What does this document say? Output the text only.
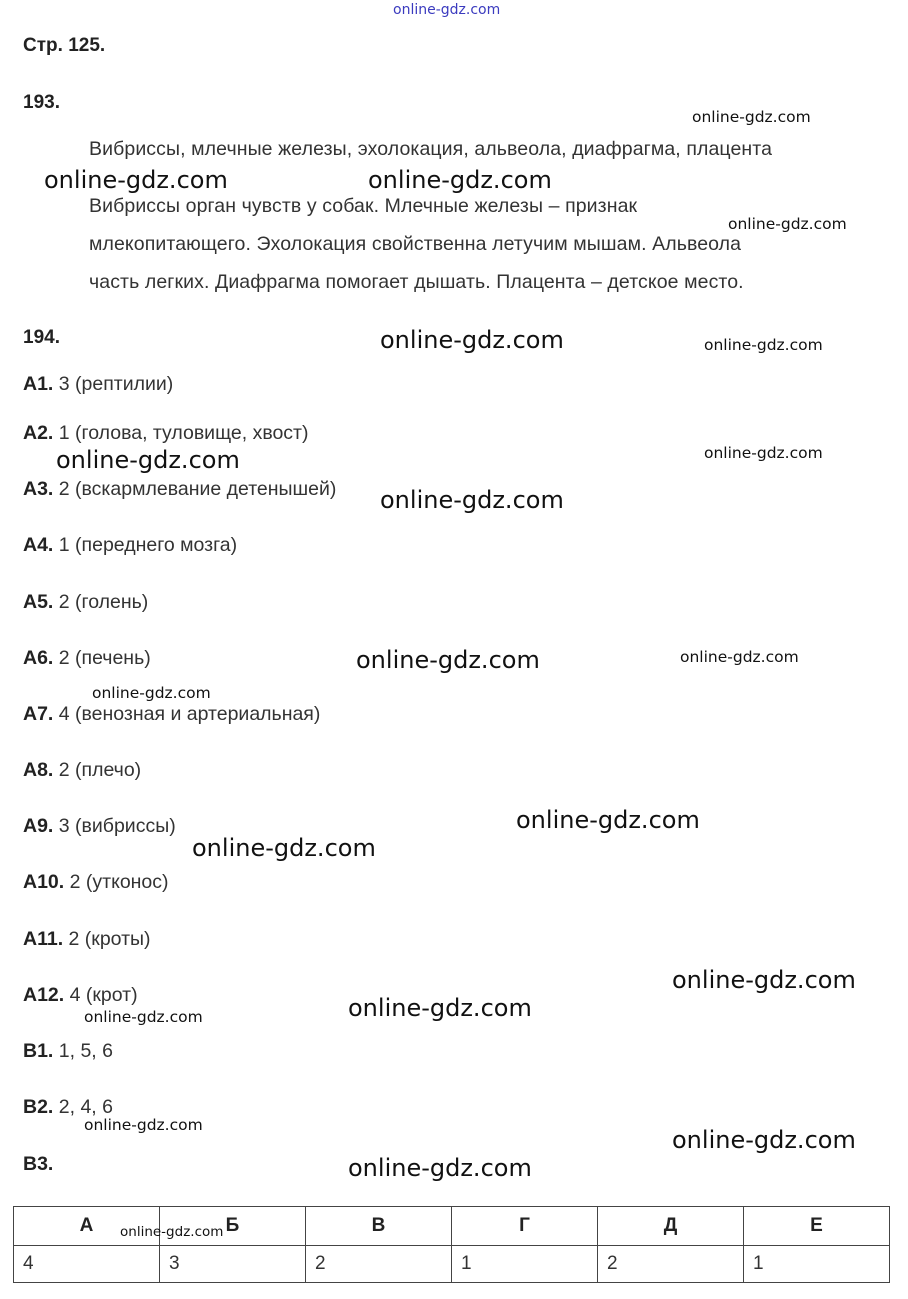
online-gdz.com
Стр. 125.
193.
Вибриссы, млечные железы, эхолокация, альвеола, диафрагма, плацента
Вибриссы орган чувств у собак. Млечные железы – признак
млекопитающего. Эхолокация свойственна летучим мышам. Альвеола
часть легких. Диафрагма помогает дышать. Плацента – детское место.
194.
А1. 3 (рептилии)
А2. 1 (голова, туловище, хвост)
А3. 2 (вскармлевание детенышей)
А4. 1 (переднего мозга)
А5. 2 (голень)
А6. 2 (печень)
А7. 4 (венозная и артериальная)
А8. 2 (плечо)
А9. 3 (вибриссы)
А10. 2 (утконос)
А11. 2 (кроты)
А12. 4 (крот)
В1. 1, 5, 6
В2. 2, 4, 6
В3.
А	Б	В	Г	Д	Е
4	3	2	1	2	1
online-gdz.com
online-gdz.com	online-gdz.com
online-gdz.com
online-gdz.com	online-gdz.com
online-gdz.com	online-gdz.com
online-gdz.com
online-gdz.com	online-gdz.com
online-gdz.com
online-gdz.com
online-gdz.com
online-gdz.com
online-gdz.com
online-gdz.com
online-gdz.com
online-gdz.com
online-gdz.com
online-gdz.com
